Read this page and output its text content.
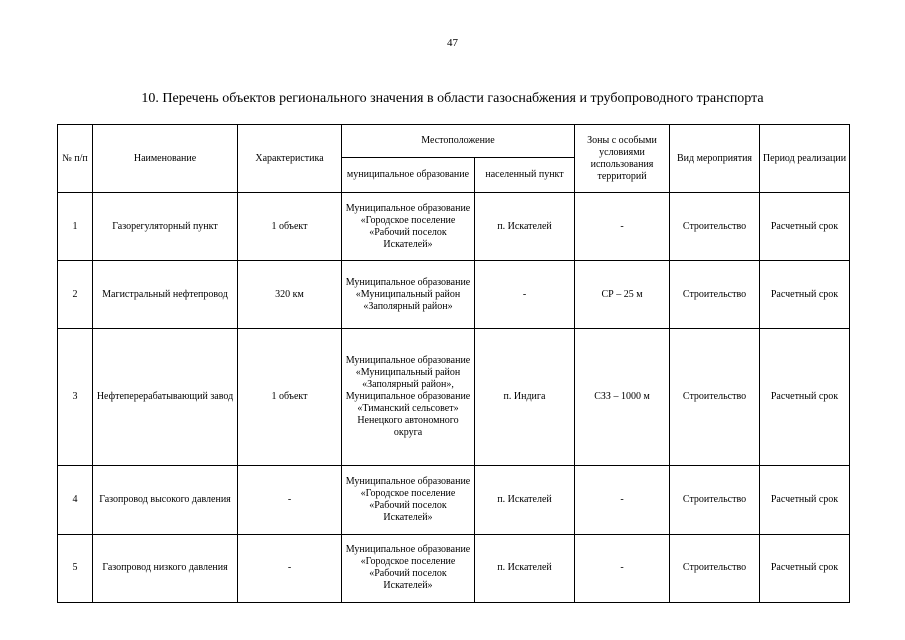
47
10. Перечень объектов регионального значения в области газоснабжения и трубопроводного транспорта
№ п/п	Наименование	Характеристика	Местоположение		Зоны с особыми условиями использования территорий	Вид мероприятия	Период реализации
			муниципальное образование	населенный пункт			
1	Газорегуляторный пункт	1 объект	Муниципальное образование «Городское поселение «Рабочий поселок Искателей»	п. Искателей	-	Строительство	Расчетный срок
2	Магистральный нефтепровод	320 км	Муниципальное образование «Муниципальный район «Заполярный район»	-	СР – 25 м	Строительство	Расчетный срок
3	Нефтеперерабатывающий завод	1 объект	Муниципальное образование «Муниципальный район «Заполярный район», Муниципальное образование «Тиманский сельсовет» Ненецкого автономного округа	п. Индига	СЗЗ – 1000 м	Строительство	Расчетный срок
4	Газопровод высокого давления	-	Муниципальное образование «Городское поселение «Рабочий поселок Искателей»	п. Искателей	-	Строительство	Расчетный срок
5	Газопровод низкого давления	-	Муниципальное образование «Городское поселение «Рабочий поселок Искателей»	п. Искателей	-	Строительство	Расчетный срок
